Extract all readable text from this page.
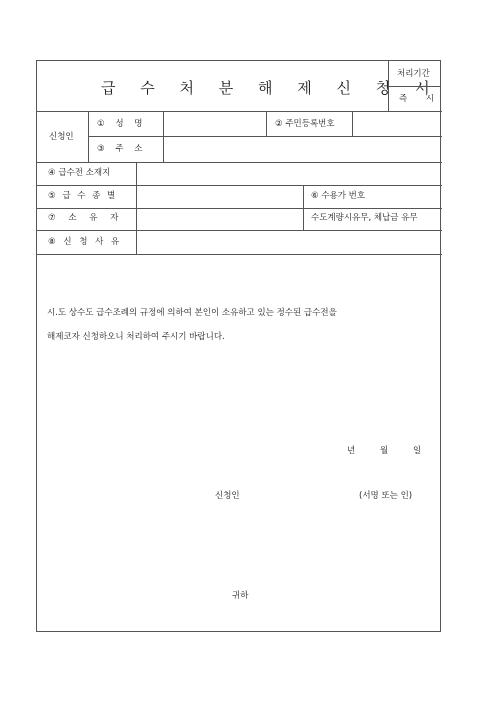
급 수 처 분 해 제 신 청 서
처리기간
즉 시
신청인
① 성 명	② 주민등록번호
③ 주 소
④ 급수전 소재지
⑤ 급 수 종 별	⑥ 수용가 번호
⑦ 소 유 자	수도계량시유무, 체납금 유무
⑧ 신 청 사 유
시.도 상수도 급수조례의 규정에 의하여 본인이 소유하고 있는 정수된 급수전을
해제코자 신청하오니 처리하여 주시기 바랍니다.
년	월	일
신청인	(서명 또는 인)
귀하
